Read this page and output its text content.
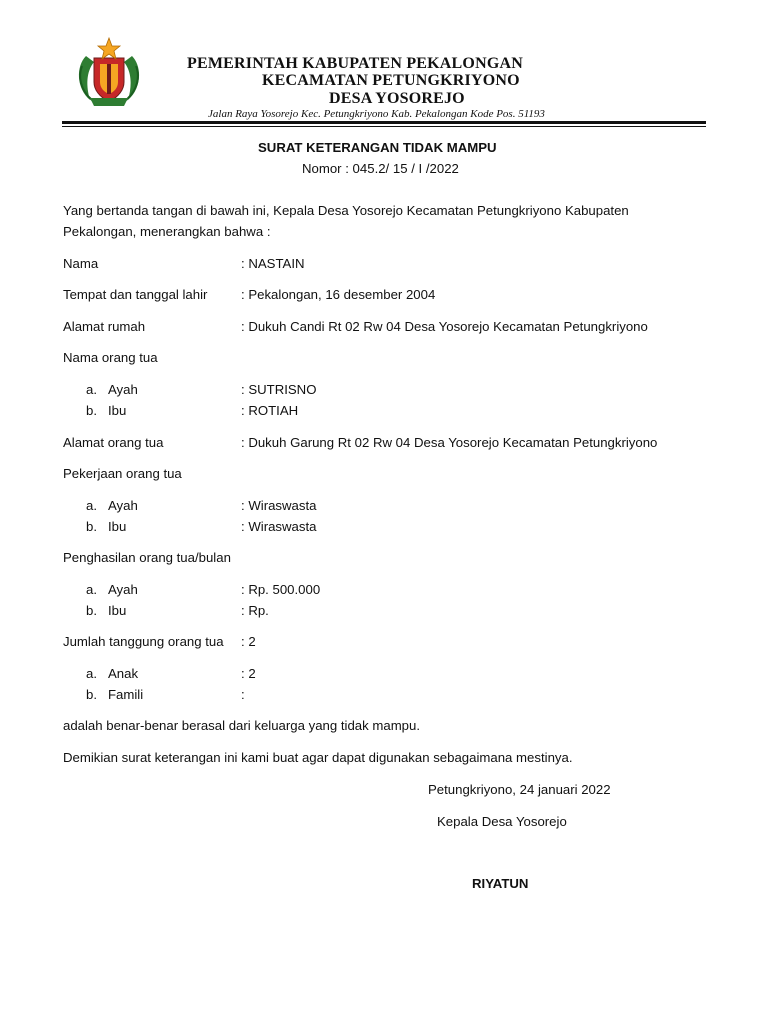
PEMERINTAH KABUPATEN PEKALONGAN
KECAMATAN PETUNGKRIYONO
DESA YOSOREJO
Jalan Raya Yosorejo Kec. Petungkriyono Kab. Pekalongan Kode Pos. 51193
SURAT KETERANGAN TIDAK MAMPU
Nomor : 045.2/ 15 / I /2022
Yang bertanda tangan di bawah ini, Kepala Desa Yosorejo Kecamatan Petungkriyono Kabupaten
Pekalongan, menerangkan bahwa :
Nama	: NASTAIN
Tempat dan tanggal lahir	: Pekalongan, 16 desember 2004
Alamat rumah	: Dukuh Candi Rt 02 Rw 04 Desa Yosorejo Kecamatan Petungkriyono
Nama orang tua
a. Ayah	: SUTRISNO
b. Ibu	: ROTIAH
Alamat orang tua	: Dukuh Garung Rt 02 Rw 04 Desa Yosorejo Kecamatan Petungkriyono
Pekerjaan orang tua
a. Ayah	: Wiraswasta
b. Ibu	: Wiraswasta
Penghasilan orang tua/bulan
a. Ayah	: Rp. 500.000
b. Ibu	: Rp.
Jumlah tanggung orang tua : 2
a. Anak	: 2
b. Famili	:
adalah benar-benar berasal dari keluarga yang tidak mampu.
Demikian surat keterangan ini kami buat agar dapat digunakan sebagaimana mestinya.
Petungkriyono, 24 januari 2022
Kepala Desa Yosorejo
RIYATUN
